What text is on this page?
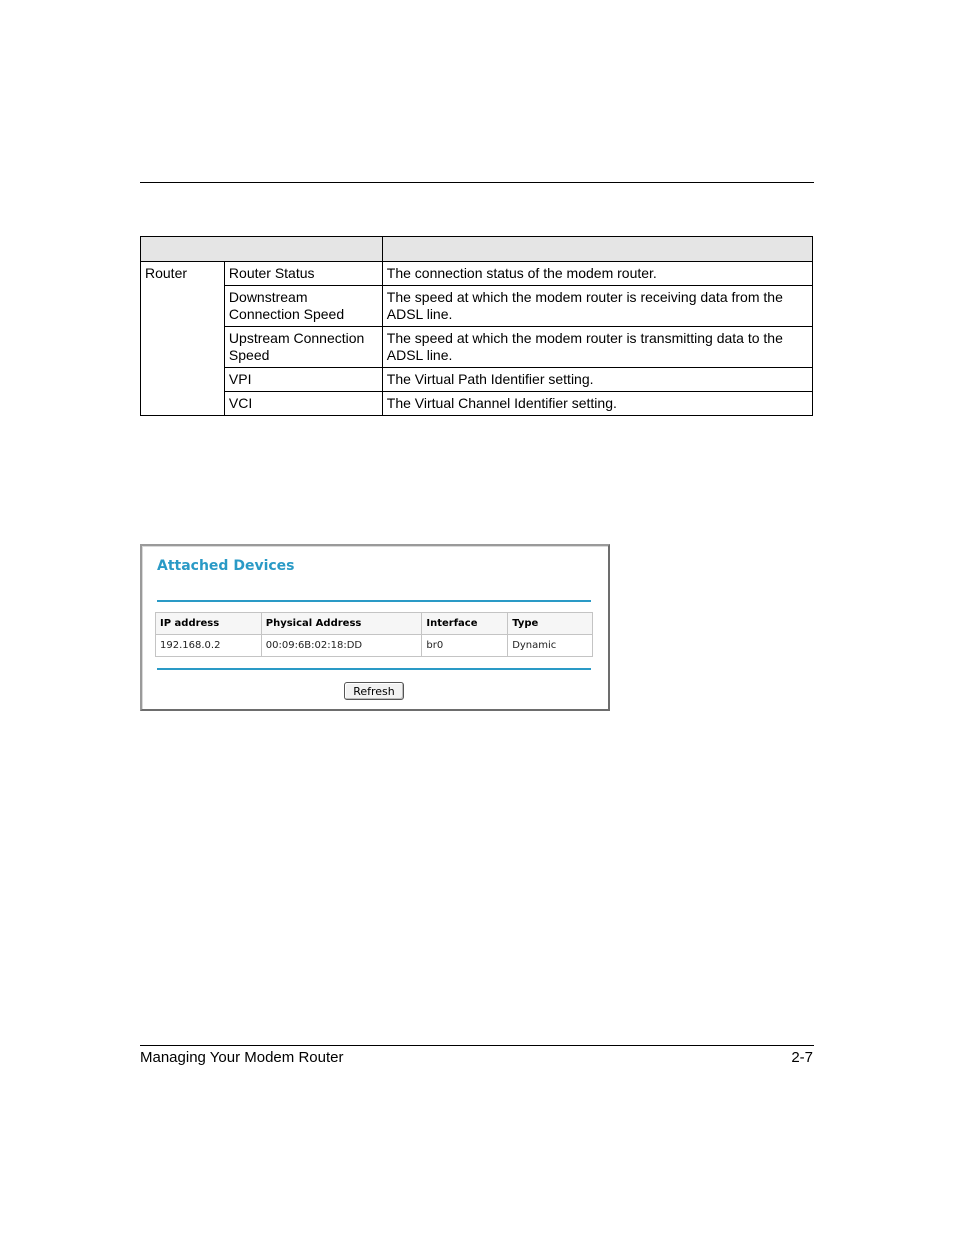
Router	Router Status	The connection status of the modem router.
	Downstream Connection Speed	The speed at which the modem router is receiving data from the ADSL line.
	Upstream Connection Speed	The speed at which the modem router is transmitting data to the ADSL line.
	VPI	The Virtual Path Identifier setting.
	VCI	The Virtual Channel Identifier setting.
Attached Devices
IP address	Physical Address	Interface	Type
192.168.0.2	00:09:6B:02:18:DD	br0	Dynamic
Refresh
Managing Your Modem Router	2-7
